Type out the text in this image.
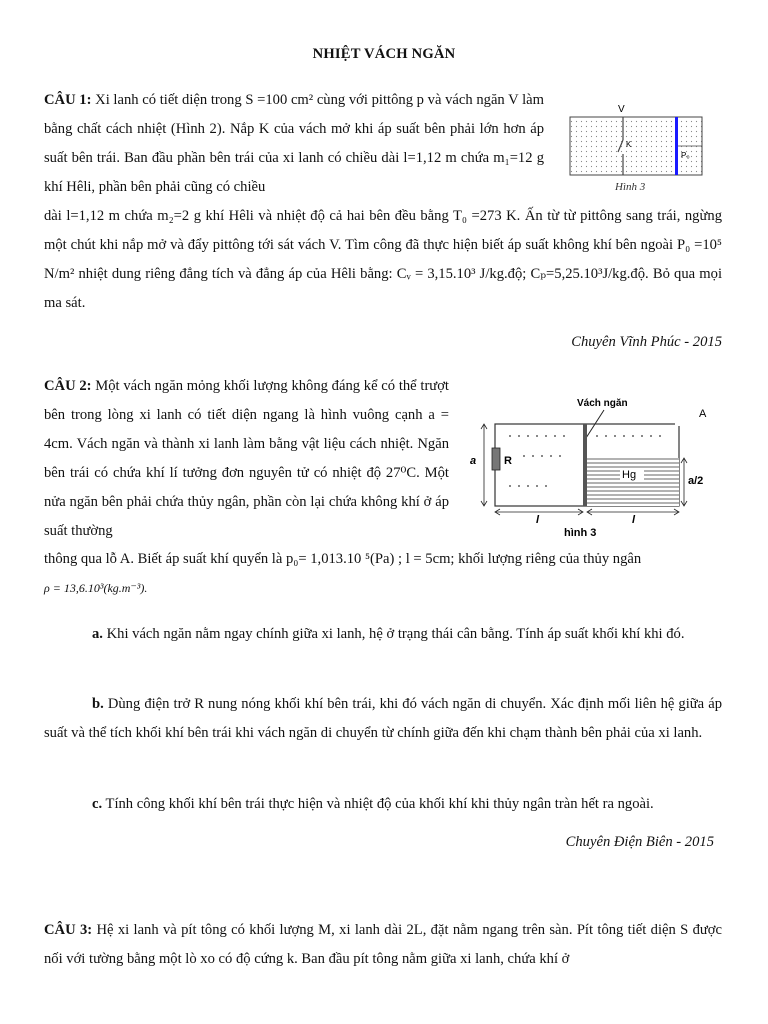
NHIỆT VÁCH NGĂN

CÂU 1: Xi lanh có tiết diện trong S =100 cm² cùng với pittông p và vách ngăn V làm bằng chất cách nhiệt (Hình 2). Nắp K của vách mở khi áp suất bên phải lớn hơn áp suất bên trái. Ban đầu phần bên trái của xi lanh có chiều dài l=1,12 m chứa m₁=12 g khí Hêli, phần bên phải cũng có chiều

V
K
P₀
Hình 3

dài l=1,12 m chứa m₂=2 g khí Hêli và nhiệt độ cả hai bên đều bằng T₀ =273 K. Ấn từ từ pittông sang trái, ngừng một chút khi nắp mở và đẩy pittông tới sát vách V. Tìm công đã thực hiện biết áp suất không khí bên ngoài P₀ =10⁵ N/m² nhiệt dung riêng đẳng tích và đẳng áp của Hêli bằng: Cᵥ = 3,15.10³ J/kg.độ; Cₚ=5,25.10³J/kg.độ. Bỏ qua mọi ma sát.

Chuyên Vĩnh Phúc - 2015

CÂU 2: Một vách ngăn mỏng khối lượng không đáng kể có thể trượt bên trong lòng xi lanh có tiết diện ngang là hình vuông cạnh a = 4cm. Vách ngăn và thành xi lanh làm bằng vật liệu cách nhiệt. Ngăn bên trái có chứa khí lí tưởng đơn nguyên tử có nhiệt độ 27⁰C. Một nửa ngăn bên phải chứa thủy ngân, phần còn lại chứa không khí ở áp suất thường

Vách ngăn
A
Hg
R
a
a/2
l	l
hình 3

thông qua lỗ A. Biết áp suất khí quyển là p₀= 1,013.10 ⁵(Pa) ; l = 5cm; khối lượng riêng của thủy ngân
ρ = 13,6.10³(kg.m⁻³).

a. Khi vách ngăn nằm ngay chính giữa xi lanh, hệ ở trạng thái cân bằng. Tính áp suất khối khí khi đó.

b. Dùng điện trở R nung nóng khối khí bên trái, khi đó vách ngăn di chuyển. Xác định mối liên hệ giữa áp suất và thể tích khối khí bên trái khi vách ngăn di chuyển từ chính giữa đến khi chạm thành bên phải của xi lanh.

c. Tính công khối khí bên trái thực hiện và nhiệt độ của khối khí khi thủy ngân tràn hết ra ngoài.

Chuyên Điện Biên - 2015

CÂU 3: Hệ xi lanh và pít tông có khối lượng M, xi lanh dài 2L, đặt nằm ngang trên sàn. Pít tông tiết diện S được nối với tường bằng một lò xo có độ cứng k. Ban đầu pít tông nằm giữa xi lanh, chứa khí ở
